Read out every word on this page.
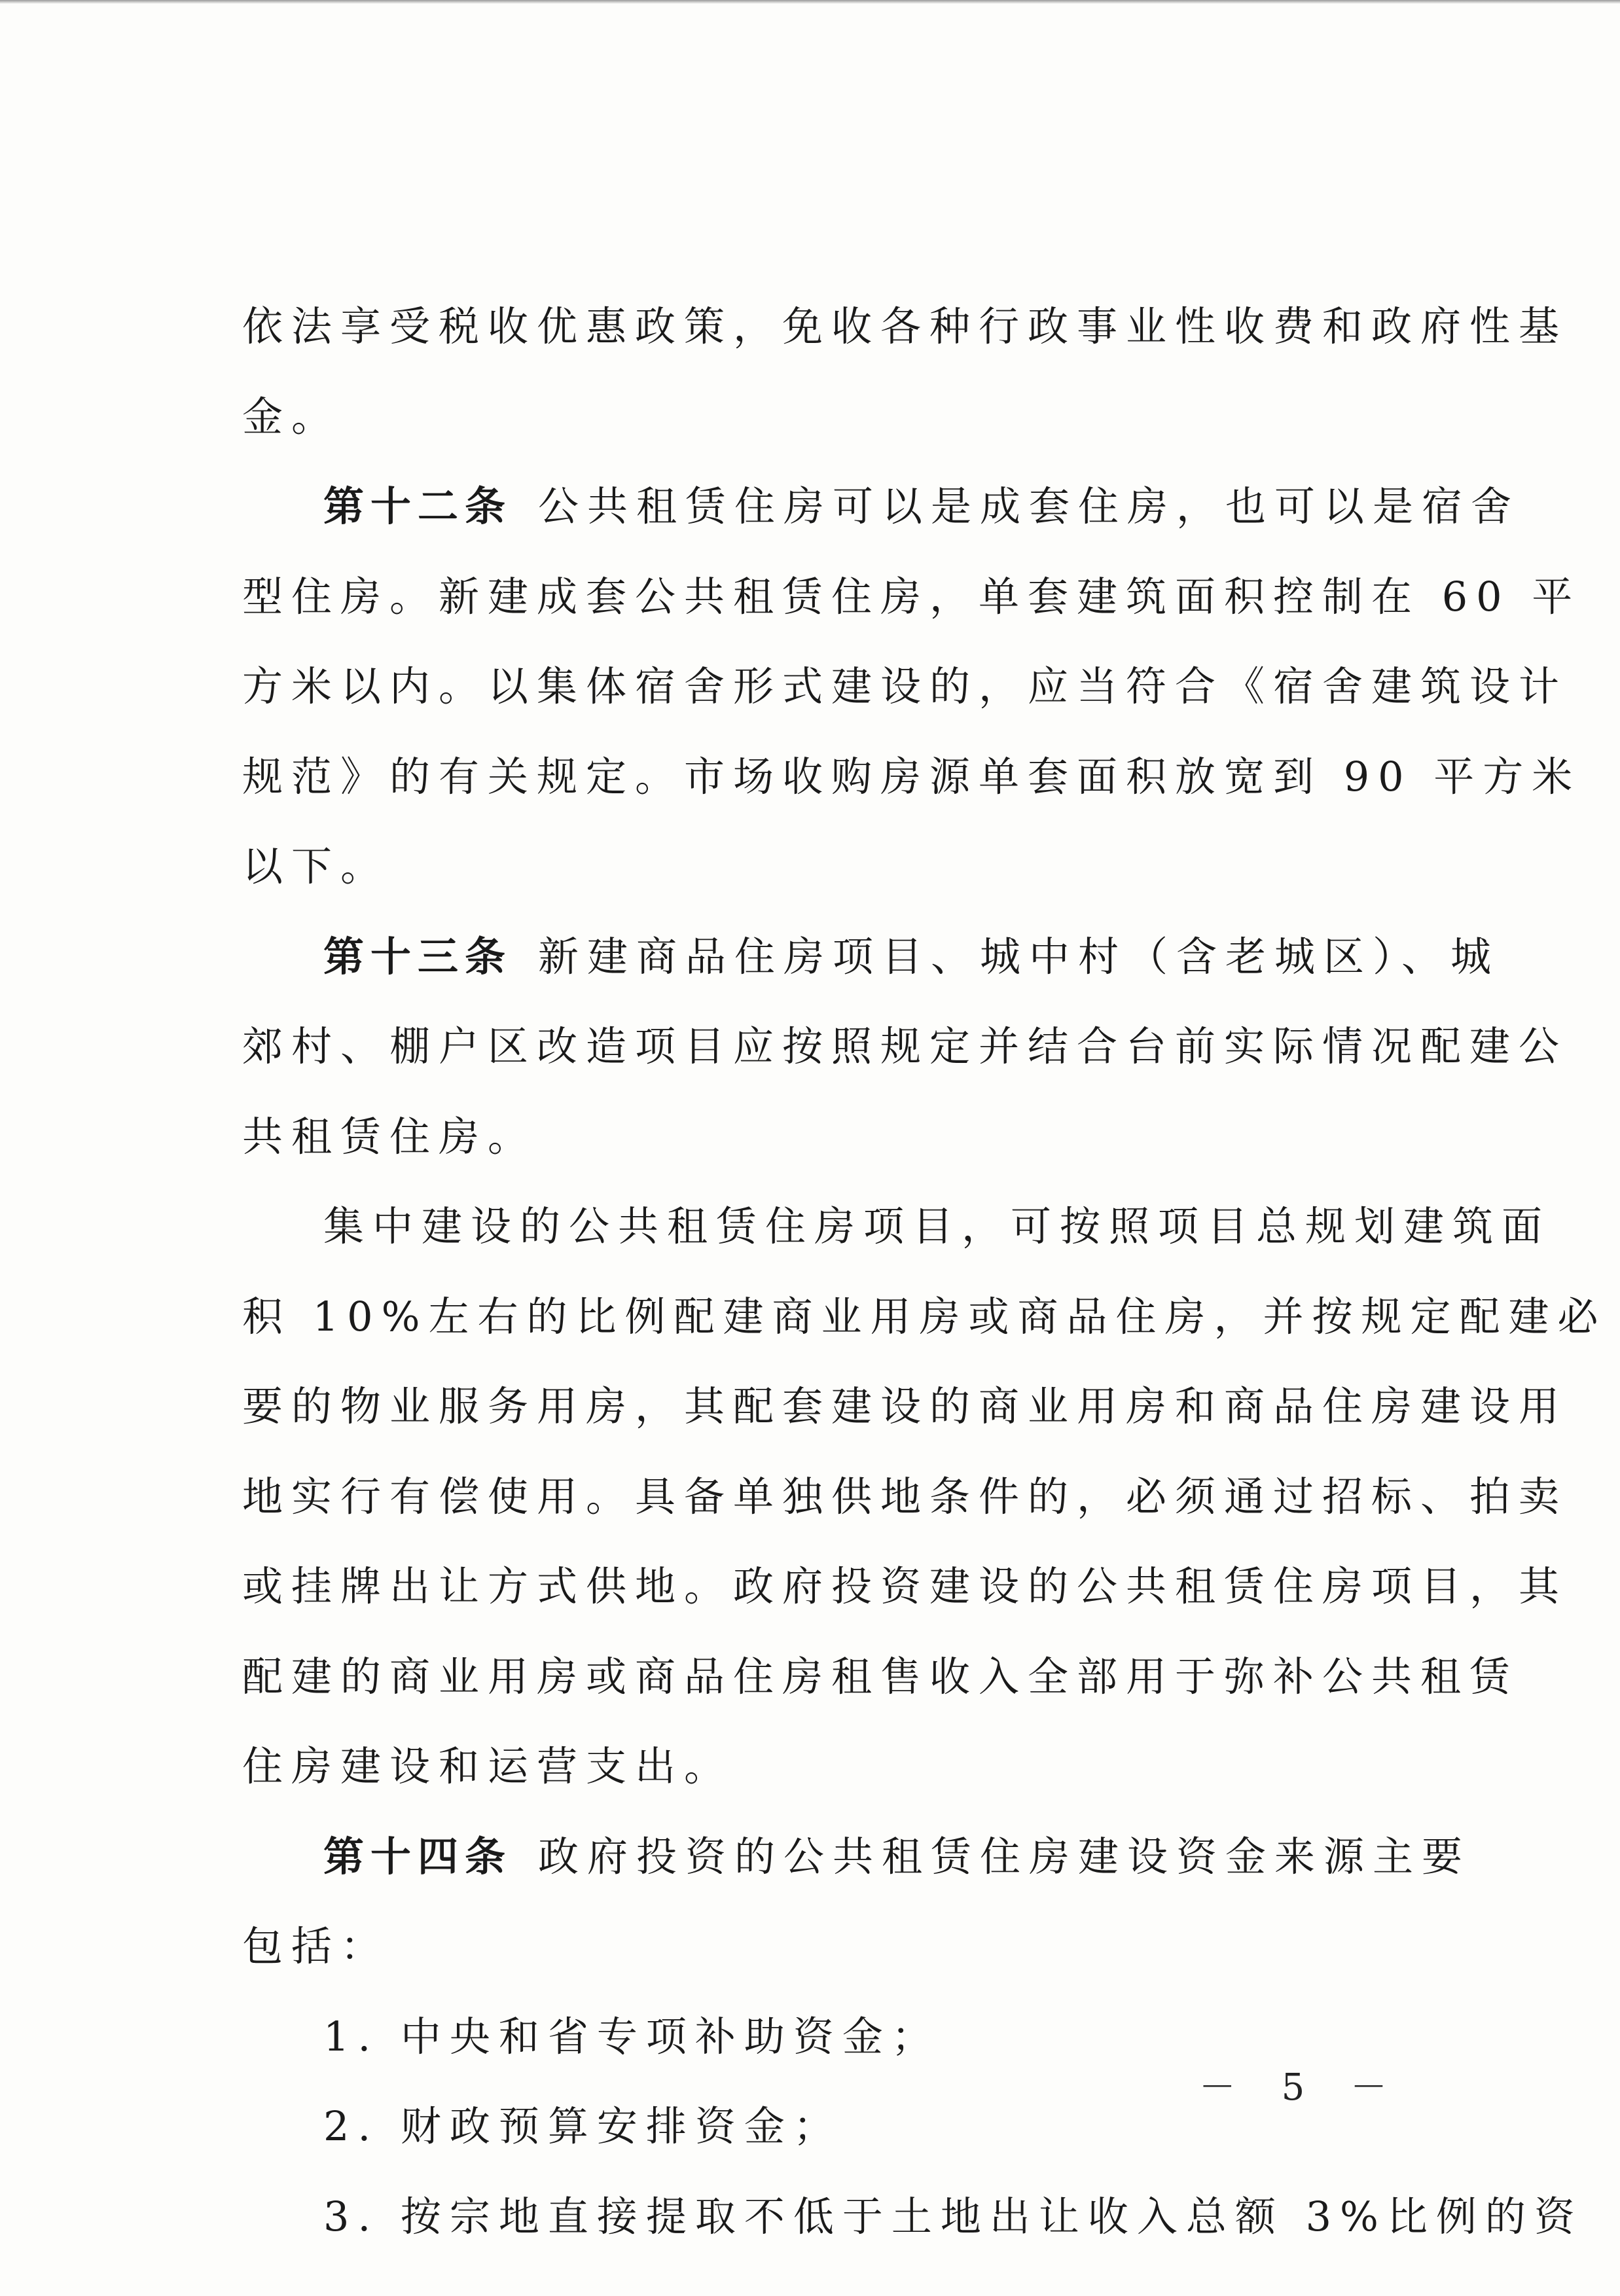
依法享受税收优惠政策，免收各种行政事业性收费和政府性基
金。
第十二条 公共租赁住房可以是成套住房，也可以是宿舍
型住房。新建成套公共租赁住房，单套建筑面积控制在 60 平
方米以内。以集体宿舍形式建设的，应当符合《宿舍建筑设计
规范》的有关规定。市场收购房源单套面积放宽到 90 平方米
以下。
第十三条 新建商品住房项目、城中村（含老城区）、城
郊村、棚户区改造项目应按照规定并结合台前实际情况配建公
共租赁住房。
集中建设的公共租赁住房项目，可按照项目总规划建筑面
积 10%左右的比例配建商业用房或商品住房，并按规定配建必
要的物业服务用房，其配套建设的商业用房和商品住房建设用
地实行有偿使用。具备单独供地条件的，必须通过招标、拍卖
或挂牌出让方式供地。政府投资建设的公共租赁住房项目，其
配建的商业用房或商品住房租售收入全部用于弥补公共租赁
住房建设和运营支出。
第十四条 政府投资的公共租赁住房建设资金来源主要
包括：
1. 中央和省专项补助资金；
2. 财政预算安排资金；
3. 按宗地直接提取不低于土地出让收入总额 3%比例的资
－ 5 －
